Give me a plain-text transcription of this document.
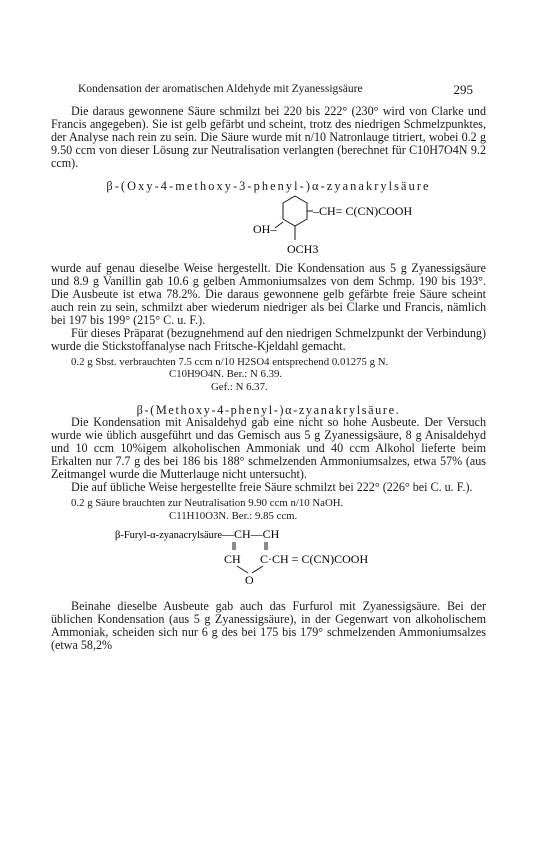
Kondensation der aromatischen Aldehyde mit Zyanessigsäure	295

Die daraus gewonnene Säure schmilzt bei 220 bis 222° (230° wird von Clarke und Francis angegeben). Sie ist gelb gefärbt und scheint, trotz des niedrigen Schmelzpunktes, der Analyse nach rein zu sein. Die Säure wurde mit n/10 Natronlauge titriert, wobei 0.2 g 9.50 ccm von dieser Lösung zur Neutralisation verlangten (berechnet für C10H7O4N 9.2 ccm).

β-(Oxy-4-methoxy-3-phenyl-)α-zyanakrylsäure

–CH= C(CN)COOH
OH–
OCH3

wurde auf genau dieselbe Weise hergestellt. Die Kondensation aus 5 g Zyanessigsäure und 8.9 g Vanillin gab 10.6 g gelben Ammoniumsalzes von dem Schmp. 190 bis 193°. Die Ausbeute ist etwa 78.2%. Die daraus gewonnene gelb gefärbte freie Säure scheint auch rein zu sein, schmilzt aber wiederum niedriger als bei Clarke und Francis, nämlich bei 197 bis 199° (215° C. u. F.).

Für dieses Präparat (bezugnehmend auf den niedrigen Schmelzpunkt der Verbindung) wurde die Stickstoffanalyse nach Fritsche-Kjeldahl gemacht.

0.2 g Sbst. verbrauchten 7.5 ccm n/10 H2SO4 entsprechend 0.01275 g N.

C10H9O4N. Ber.: N 6.39.

Gef.: N 6.37.

β-(Methoxy-4-phenyl-)α-zyanakrylsäure.

Die Kondensation mit Anisaldehyd gab eine nicht so hohe Ausbeute. Der Versuch wurde wie üblich ausgeführt und das Gemisch aus 5 g Zyanessigsäure, 8 g Anisaldehyd und 10 ccm 10%igem alkoholischen Ammoniak und 40 ccm Alkohol lieferte beim Erkalten nur 7.7 g des bei 186 bis 188° schmelzenden Ammoniumsalzes, etwa 57% (aus Zeitmangel wurde die Mutterlauge nicht untersucht).

Die auf übliche Weise hergestellte freie Säure schmilzt bei 222° (226° bei C. u. F.).

0.2 g Säure brauchten zur Neutralisation 9.90 ccm n/10 NaOH.

C11H10O3N. Ber.: 9.85 ccm.

β-Furyl-α-zyanacrylsäure —CH—CH
CH C·CH = C(CN)COOH
O

Beinahe dieselbe Ausbeute gab auch das Furfurol mit Zyanessigsäure. Bei der üblichen Kondensation (aus 5 g Zyanessigsäure), in der Gegenwart von alkoholischem Ammoniak, scheiden sich nur 6 g des bei 175 bis 179° schmelzenden Ammoniumsalzes (etwa 58,2%
